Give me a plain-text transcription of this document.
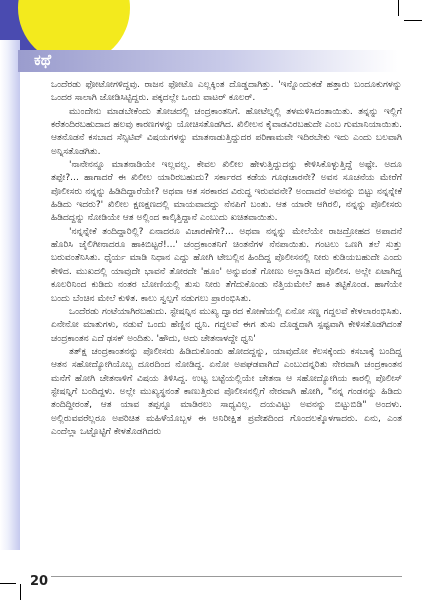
ಕಥೆ

ಒಂದೆರಡು ಫೋಟೋಗಳಿದ್ದವು. ರಾಜನ ಫೋಟೊ ಎಲ್ಲಕ್ಕಿಂತ ದೊಡ್ಡದಾಗಿತ್ತು. 'ಇನ್ನೊಂದುಕಡೆ ಹತ್ತಾರು ಬಂದೂಕುಗಳನ್ನು ಒಂದರ ಸಾಲಾಗಿ ಜೋಡಿಸಿಟ್ಟಿದ್ದರು. ಪಕ್ಕದಲ್ಲೇ ಒಂದು ವಾಟರ್ ಕೂಲರ್.

ಮುಂದೇನು ಮಾಡಬೇಕೆಂದು ತೋಚದಲ್ಲಿ ಚಂದ್ರಕಾಂತನಿಗೆ. ಹೋಟೆಲ್ನಲ್ಲಿ ತಳಮಳಿಸಿದಂತಾಯಿತು. ತನ್ನನ್ನು ಇಲ್ಲಿಗೆ ಕರೆತಂದಿರಬಹುದಾದ ಹಲವು ಕಾರಣಗಳನ್ನು ಯೋಚಿಸತೊಡಗಿದ. ಖಿಲೀಲನ ಕೈವಾಡವಿರಬಹುದೇ ಎಂಬ ಗುಮಾನಿಯಾಯಿತು. ಆತನೊಡನೆ ಕಸಬಾದ ಸೆನ್ಸಿಟಿವ್ ವಿಷಯಗಳನ್ನು ಮಾತನಾಡುತ್ತಿದ್ದುದರ ಪರಿಣಾಮವೇ ಇದಿರಬೇಕು ಇದು ಎಂದು ಬಲವಾಗಿ ಅನ್ನಿಸತೊಡಗಿತು.

'ನಾನೇನನ್ನೂ ಮಾತನಾಡಿಯೇ ಇಲ್ಲವಲ್ಲ. ಕೇವಲ ಖಿಲೀಲ ಹೇಳುತ್ತಿದ್ದುದನ್ನು ಕೇಳಿಸಿಕೊಳ್ಳುತ್ತಿದ್ದೆ ಅಷ್ಟೇ. ಅದೂ ತಪ್ಪೇ?... ಹಾಗಾದರೆ ಈ ಖಿಲೀಲ ಯಾರಿರಬಹುದು? ಸರ್ಕಾರದ ಕಡೆಯ ಗೂಢಚಾರನೇ? ಅವನ ಸೂಚನೆಯ ಮೇರೆಗೆ ಪೊಲೀಸರು ನನ್ನನ್ನು ಹಿಡಿದಿದ್ದಾರೆಯೇ? ಅಥವಾ ಆತ ಸರಕಾರದ ವಿರುದ್ಧ ಇರುವವನೇ? ಅಂದಾದರೆ ಅವನನ್ನು ಬಿಟ್ಟು ನನ್ನನ್ನೇಕೆ ಹಿಡಿದು ಇದರು?' ಖಿಲೀಲ ಕ್ಷಣಕ್ಷಣದಲ್ಲಿ ಮಾಯವಾದದ್ದು ನೆನಪಿಗೆ ಬಂತು. ಆತ ಯಾರೇ ಆಗಿರಲಿ, ನನ್ನನ್ನು ಪೊಲೀಸರು ಹಿಡಿದದ್ದನ್ನು ನೋಡಿಯೇ ಆತ ಅಲ್ಲಿಂದ ಕಾಲ್ಕಿತ್ತಿದ್ದಾನೆ ಎಂಬುದು ಖಚಿತವಾಯಿತು.

'ನನ್ನನ್ನೇಕೆ ತಂದಿದ್ದಾರಿಲ್ಲಿ? ಏನಾದರೂ ವಿಚಾರಣೆಗೇ?... ಅಥವಾ ನನ್ನನ್ನು ಮೇಲೆಯೇ ರಾಜದ್ರೋಹದ ಅಪಾದನೆ ಹೊರಿಸಿ ಜೈಲಿಗೀನಾದರೂ ಹಾಕಿಬಿಟ್ಟರೆ!...' ಚಂದ್ರಕಾಂತನಿಗೆ ಚಿಂತನೆಗಳ ನೆನಪಾಯಿತು. ಗಂಟಲು ಒಣಗಿ ತಲೆ ಸುತ್ತು ಬರುವಂತೆನಿಸಿತು. ಧೈರ್ಯ ಮಾಡಿ ನಿಧಾನ ಎದ್ದು ಹೋಗಿ ಟೇಬಲ್ಲಿನ ಹಿಂದಿದ್ದ ಪೊಲೀಸನಲ್ಲಿ ನೀರು ಕುಡಿಯಬಹುದೇ ಎಂದು ಕೇಳಿದ. ಮುಖದಲ್ಲಿ ಯಾವುದೇ ಭಾವನೆ ತೋರದೇ 'ಹೂಂ' ಅನ್ನುವಂತೆ ಗೋಣು ಅಲ್ಲಾಡಿಸಿದ ಪೊಲೀಸ. ಅಲ್ಲೇ ಏಟಾಗಿದ್ದ ಕೂಲರಿನಿಂದ ಕುಡಿದು ನಂತರ ಬೋಣಿಯಲ್ಲಿ ತುಸು ನೀರು ತೆಗೆದುಕೊಂಡು ನೆತ್ತಿಯಮೇಲೆ ಹಾಕಿ ತಟ್ಟಿಕೊಂಡ. ಹಾಗೆಯೇ ಬಂದು ಬೆಂಚಿನ ಮೇಲೆ ಕುಳಿತ. ಕಾಲು ಸ್ವಲ್ಪಗೆ ನಡುಗಲು ಪ್ರಾರಂಭಿಸಿತು.

ಒಂದೆರಡು ಗಂಟೆಯಾಗಿರಬಹುದು. ಸ್ಟೇಷನ್ನಿನ ಮುಖ್ಯ ದ್ವಾರದ ಕೋಣೆಯಲ್ಲಿ ಏನೋ ಸಣ್ಣ ಗದ್ದಲವೆ ಕೇಳಲಾರಂಭಿಸಿತು. ಏನೇನೋ ಮಾತುಗಳು, ನಡುವೆ ಒಂದು ಹೆಣ್ಣಿನ ಧ್ವನಿ. ಗದ್ದಲವೆ ಈಗ ತುಸು ದೊಡ್ಡದಾಗಿ ಸ್ಪಷ್ಟವಾಗಿ ಕೇಳಿಸತೊಡಗಿದಂತೆ ಚಂದ್ರಕಾಂತನ ಎದೆ ಢಸಕ್ ಅಂದಿತು. 'ಹೌದು, ಅದು ಚೇತನಾಳದ್ದೇ ಧ್ವನಿ'

ತತ್ಕ್ಷ ಚಂದ್ರಕಾಂತನನ್ನು ಪೊಲೀಸರು ಹಿಡಿದುಕೊಂಡು ಹೋದದ್ದನ್ನು, ಯಾವುದೋ ಕೆಲಸಕ್ಕೆಂದು ಕಸಬಾಕ್ಕೆ ಬಂದಿದ್ದ ಆತನ ಸಹೋದ್ಯೋಗಿಯೊಬ್ಬ ದೂರದಿಂದ ನೋಡಿದ್ದ. ಏನೋ ಅಪಘಡವಾಗಿದೆ ಎಂಬುದನ್ನರಿತು ನೇರವಾಗಿ ಚಂದ್ರಕಾಂತನ ಮನೆಗೆ ಹೋಗಿ ಚೇತನಾಳಿಗೆ ವಿಷಯ ತಿಳಿಸಿದ್ದ. ಉಟ್ಟ ಬಟ್ಟೆಯಲ್ಲಿಯೇ ಚೇತನಾ ಆ ಸಹೋದ್ಯೋಗಿಯ ಕಾರಲ್ಲಿ ಪೊಲೀಸ್ ಸ್ಟೇಷನ್ನಿಗೆ ಬಂದಿದ್ದಳು. ಅಲ್ಲೇ ಮುಖ್ಯಸ್ಥನಂತೆ ಕಾಣುತ್ತಿರುವ ಪೊಲೀಸನಲ್ಲಿಗೆ ನೇರವಾಗಿ ಹೋಗಿ, "ನನ್ನ ಗಂಡನನ್ನು ಹಿಡಿದು ತಂದಿದ್ದೀರಂತೆ, ಆತ ಯಾವ ತಪ್ಪನ್ನೂ ಮಾಡಿರಲು ಸಾಧ್ಯವಿಲ್ಲ. ದಯವಿಟ್ಟು ಅವನನ್ನು ಬಿಟ್ಟುಬಿಡಿ" ಅಂದಳು. ಅಲ್ಲಿರುವವರೆಲ್ಲರೂ ಅಪರಿಚಿತ ಮಹಿಳೆಯೊಬ್ಬಳ ಈ ಅನಿರೀಕ್ಷಿತ ಪ್ರವೇಶದಿಂದ ಗೊಂದಲಕ್ಕೊಳಗಾದರು. ಏನು, ಎಂತ ಎಂದೆಲ್ಲಾ ಒಟ್ಟೊಟ್ಟಿಗೆ ಕೇಳತೊಡಗಿದರು

20
